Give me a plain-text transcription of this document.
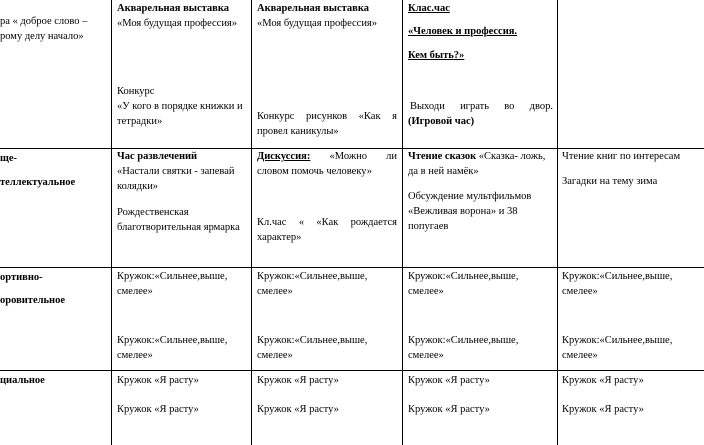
ра « доброе слово –

рому делу начало»

Акварельная выставка «Моя будущая профессия»

Конкурс

«У кого в порядке книжки и тетрадки»

Акварельная выставка

«Моя будущая профессия»

Конкурс рисунков «Как я провел каникулы»

Клас.час

«Человек и профессия.

Кем быть?»

Выходи играть во двор.

(Игровой час)

ще-

теллектуальное

Час развлечений

«Настали святки - запевай колядки»

Рождественская благотворительная ярмарка

Дискуссия: «Можно ли словом помочь человеку»

Кл.час « «Как рождается характер»

Чтение сказок «Сказка- ложь, да в ней намёк»

Обсуждение мультфильмов «Вежливая ворона» и 38 попугаев

Чтение книг по интересам

Загадки на тему зима

ортивно-

оровительное

Кружок:«Сильнее,выше, смелее»

Кружок:«Сильнее,выше, смелее»

Кружок:«Сильнее,выше, смелее»

Кружок:«Сильнее,выше, смелее»

Кружок:«Сильнее,выше, смелее»

Кружок:«Сильнее,выше, смелее»

Кружок:«Сильнее,выше, смелее»

Кружок:«Сильнее,выше, смелее»

циальное	Кружок «Я расту»

Кружок «Я расту»

Кружок «Я расту»

Кружок «Я расту»

Кружок «Я расту»

Кружок «Я расту»

Кружок «Я расту»

Кружок «Я расту»
